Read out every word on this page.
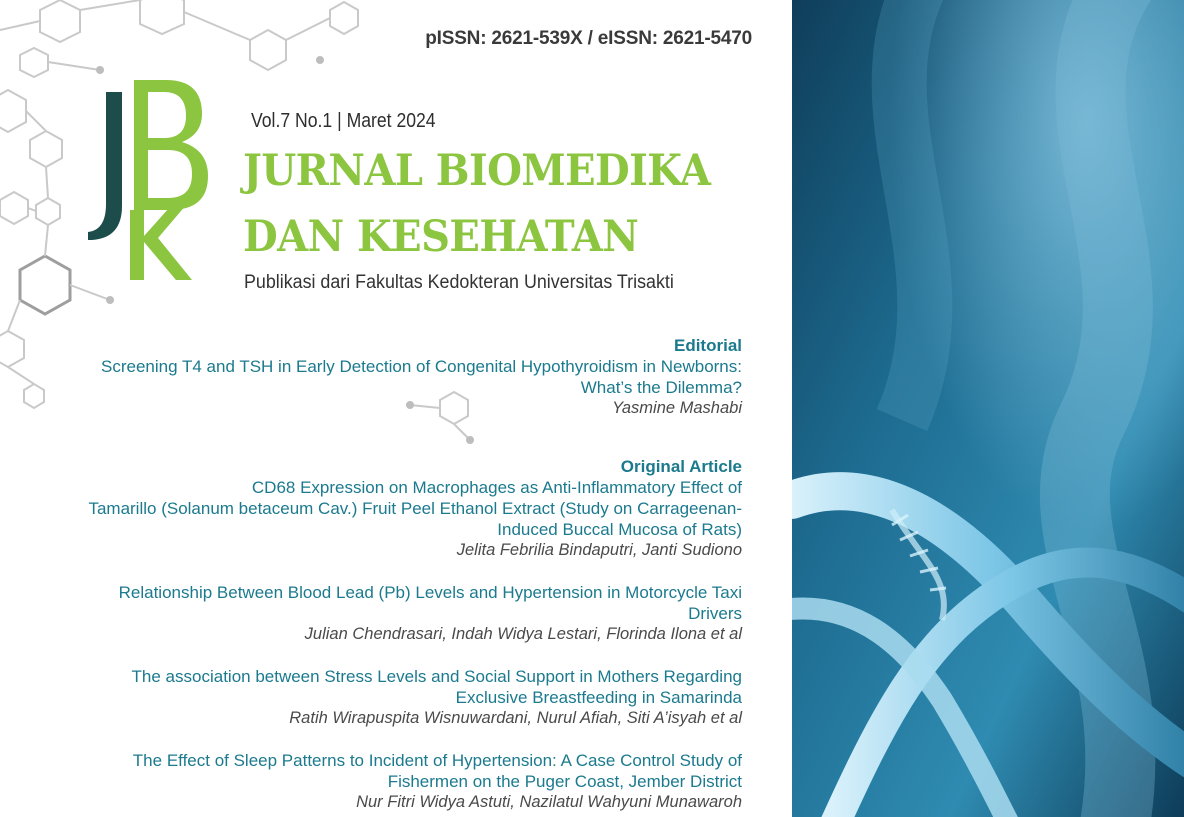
pISSN: 2621-539X / eISSN: 2621-5470
Vol.7 No.1 | Maret 2024
JURNAL BIOMEDIKA
DAN KESEHATAN
Publikasi dari Fakultas Kedokteran Universitas Trisakti
Editorial
Screening T4 and TSH in Early Detection of Congenital Hypothyroidism in Newborns:
What’s the Dilemma?
Yasmine Mashabi
Original Article
CD68 Expression on Macrophages as Anti-Inflammatory Effect of
Tamarillo (Solanum betaceum Cav.) Fruit Peel Ethanol Extract (Study on Carrageenan-
Induced Buccal Mucosa of Rats)
Jelita Febrilia Bindaputri, Janti Sudiono
Relationship Between Blood Lead (Pb) Levels and Hypertension in Motorcycle Taxi
Drivers
Julian Chendrasari, Indah Widya Lestari, Florinda Ilona et al
The association between Stress Levels and Social Support in Mothers Regarding
Exclusive Breastfeeding in Samarinda
Ratih Wirapuspita Wisnuwardani, Nurul Afiah, Siti A’isyah et al
The Effect of Sleep Patterns to Incident of Hypertension: A Case Control Study of
Fishermen on the Puger Coast, Jember District
Nur Fitri Widya Astuti, Nazilatul Wahyuni Munawaroh
